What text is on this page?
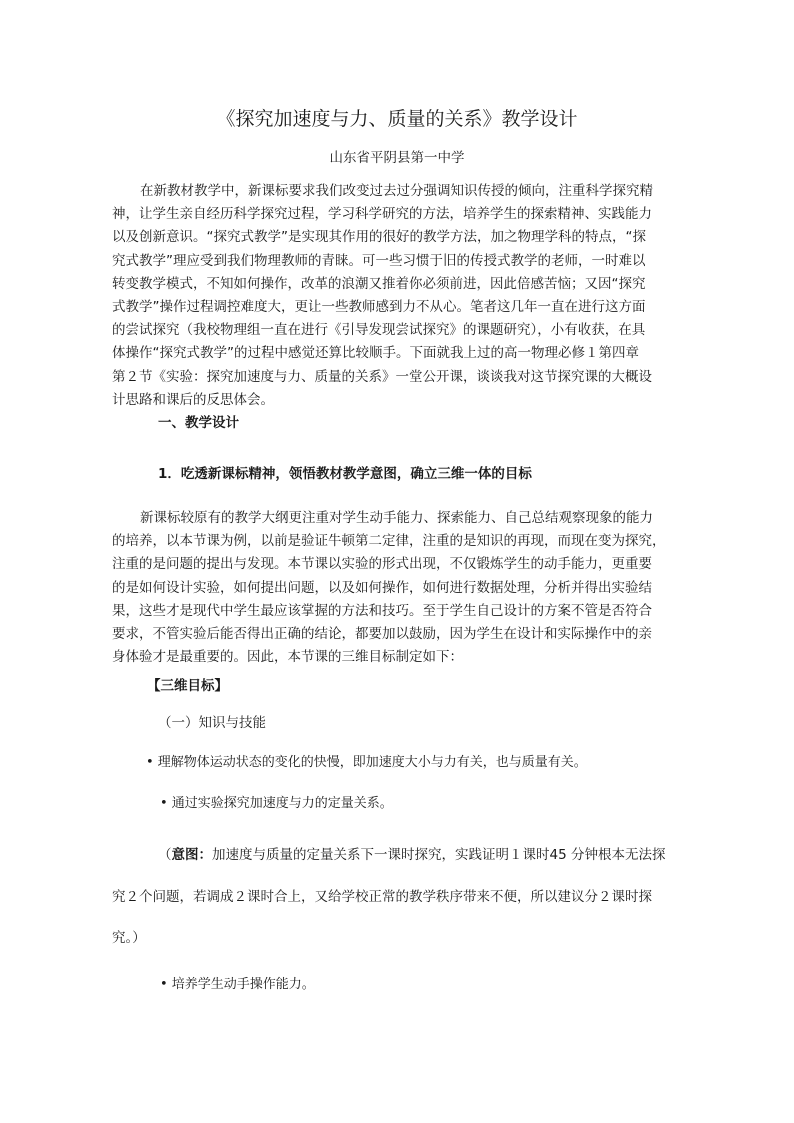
《探究加速度与力、质量的关系》教学设计
山东省平阴县第一中学
在新教材教学中，新课标要求我们改变过去过分强调知识传授的倾向，注重科学探究精
神，让学生亲自经历科学探究过程，学习科学研究的方法，培养学生的探索精神、实践能力
以及创新意识。“探究式教学”是实现其作用的很好的教学方法，加之物理学科的特点，“探
究式教学”理应受到我们物理教师的青睐。可一些习惯于旧的传授式教学的老师，一时难以
转变教学模式，不知如何操作，改革的浪潮又推着你必须前进，因此倍感苦恼；又因“探究
式教学”操作过程调控难度大，更让一些教师感到力不从心。笔者这几年一直在进行这方面
的尝试探究（我校物理组一直在进行《引导发现尝试探究》的课题研究），小有收获，在具
体操作“探究式教学”的过程中感觉还算比较顺手。下面就我上过的高一物理必修１第四章
第２节《实验：探究加速度与力、质量的关系》一堂公开课，谈谈我对这节探究课的大概设
计思路和课后的反思体会。
一、教学设计
1．吃透新课标精神，领悟教材教学意图，确立三维一体的目标
新课标较原有的教学大纲更注重对学生动手能力、探索能力、自己总结观察现象的能力
的培养，以本节课为例，以前是验证牛顿第二定律，注重的是知识的再现，而现在变为探究，
注重的是问题的提出与发现。本节课以实验的形式出现，不仅锻炼学生的动手能力，更重要
的是如何设计实验，如何提出问题，以及如何操作，如何进行数据处理，分析并得出实验结
果，这些才是现代中学生最应该掌握的方法和技巧。至于学生自己设计的方案不管是否符合
要求，不管实验后能否得出正确的结论，都要加以鼓励，因为学生在设计和实际操作中的亲
身体验才是最重要的。因此，本节课的三维目标制定如下：
【三维目标】
（一）知识与技能
• 理解物体运动状态的变化的快慢，即加速度大小与力有关，也与质量有关。
• 通过实验探究加速度与力的定量关系。
（意图：加速度与质量的定量关系下一课时探究，实践证明１课时45 分钟根本无法探
究２个问题，若调成２课时合上，又给学校正常的教学秩序带来不便，所以建议分２课时探
究。）
• 培养学生动手操作能力。
